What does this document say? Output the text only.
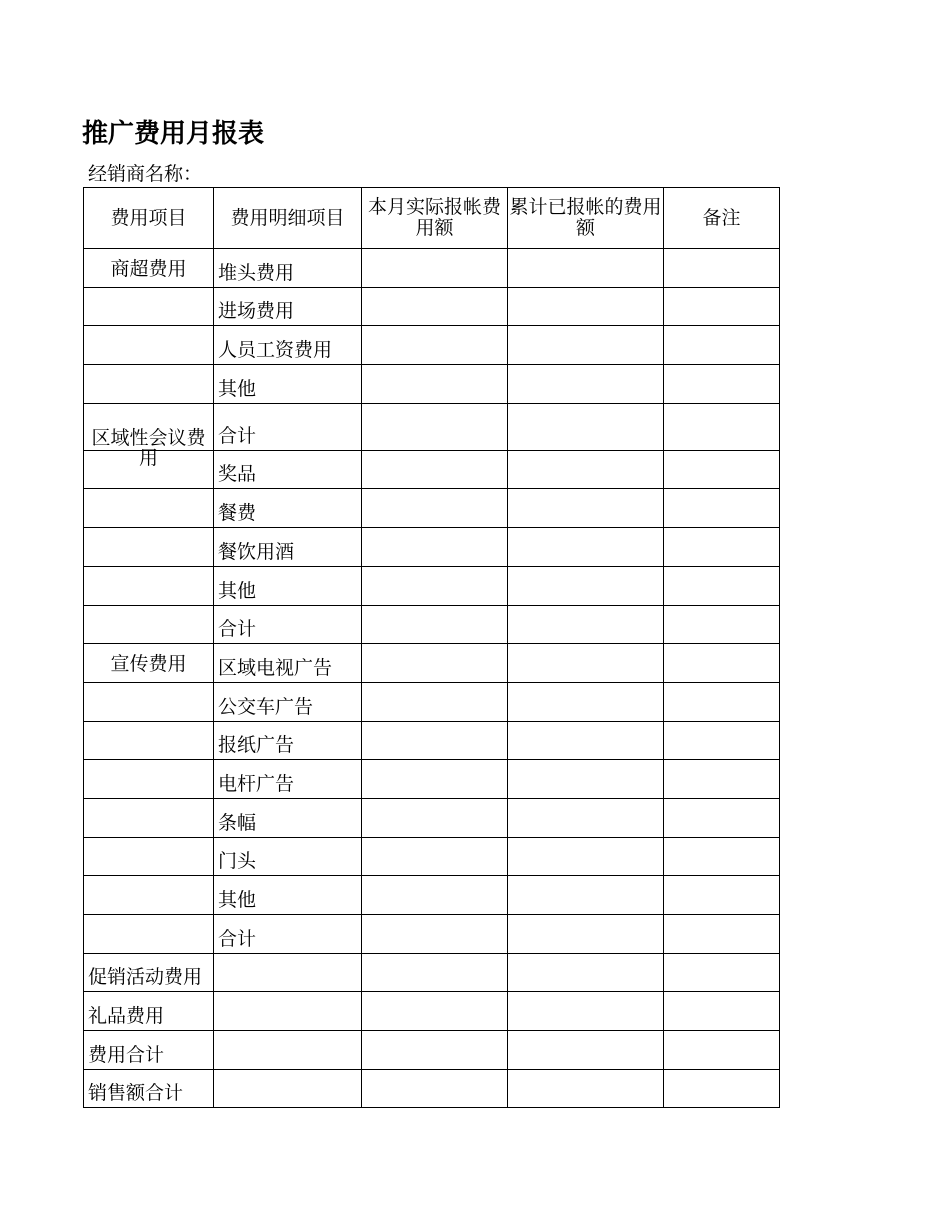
推广费用月报表
经销商名称：
费用项目	费用明细项目	本月实际报帐费用额	累计已报帐的费用额	备注

商超费用	堆头费用			

	进场费用			

	人员工资费用			

	其他			

区域性会议费用	合计			

	奖品			

	餐费			

	餐饮用酒			

	其他			

	合计			

宣传费用	区域电视广告			

	公交车广告			

	报纸广告			

	电杆广告			

	条幅			

	门头			

	其他			

	合计			

促销活动费用				

礼品费用				

费用合计				

销售额合计				
